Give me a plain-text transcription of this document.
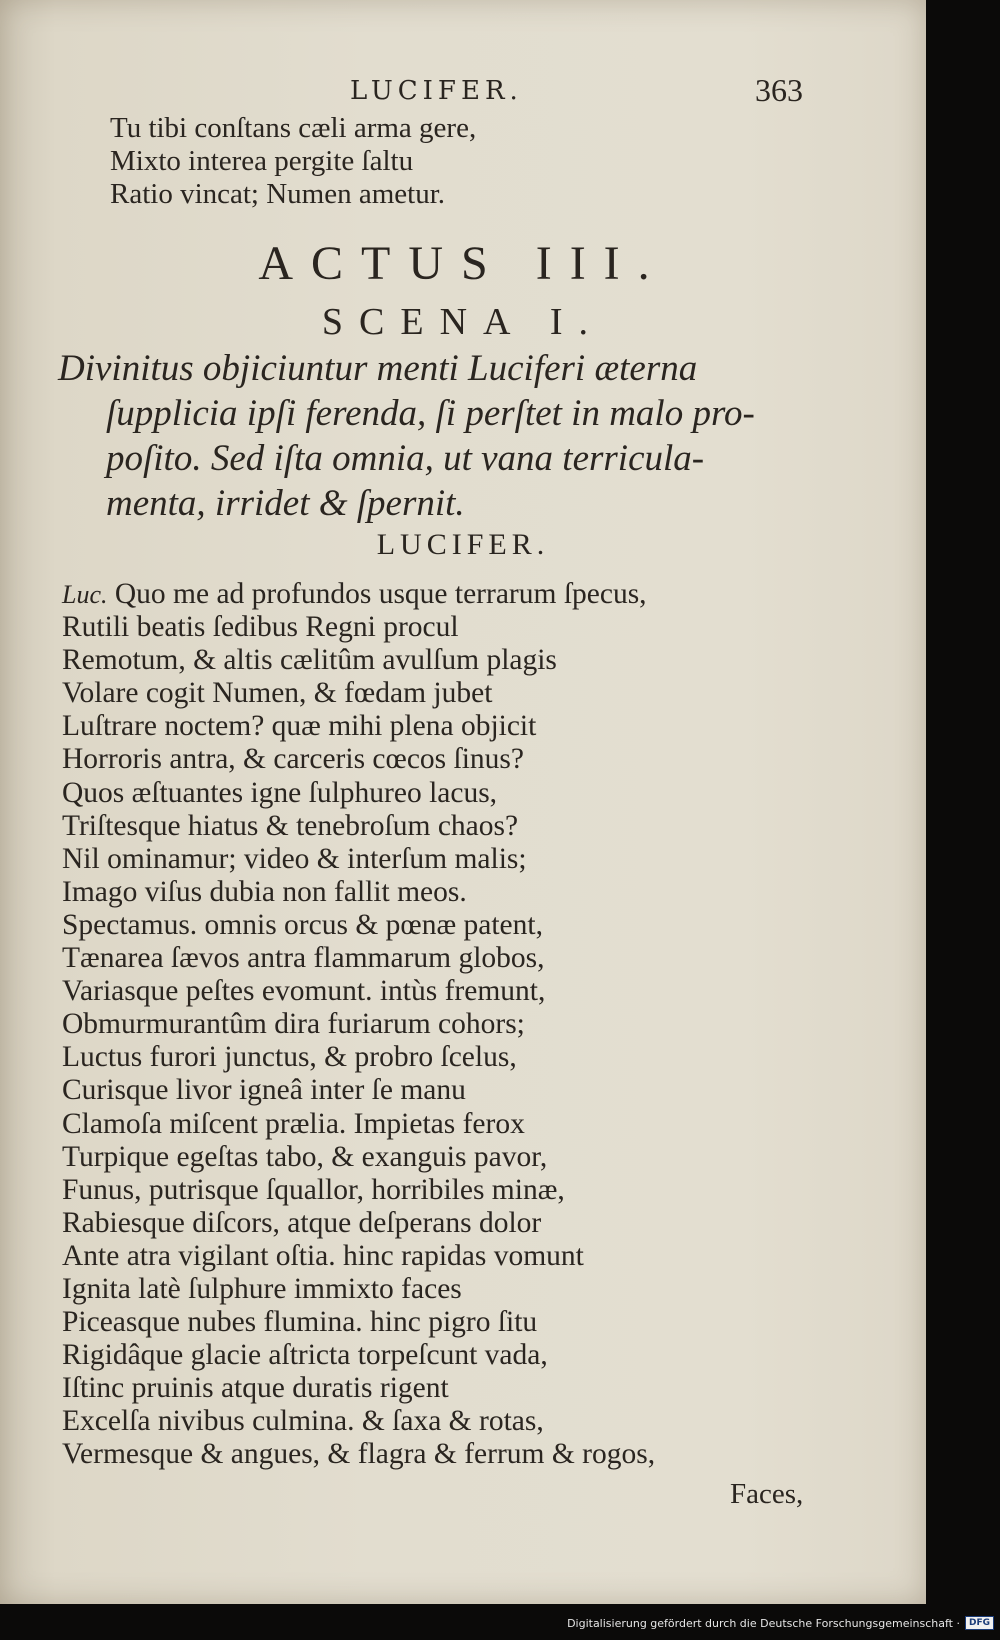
LUCIFER.	363
Tu tibi conſtans cæli arma gere,
Mixto interea pergite ſaltu
Ratio vincat; Numen ametur.
ACTUS III.
SCENA I.
Divinitus objiciuntur menti Luciferi æterna
ſupplicia ipſi ferenda, ſi perſtet in malo pro-
poſito. Sed iſta omnia, ut vana terricula-
menta, irridet & ſpernit.
LUCIFER.
Luc. Quo me ad profundos usque terrarum ſpecus,
Rutili beatis ſedibus Regni procul
Remotum, & altis cælitûm avulſum plagis
Volare cogit Numen, & fœdam jubet
Luſtrare noctem? quæ mihi plena objicit
Horroris antra, & carceris cœcos ſinus?
Quos æſtuantes igne ſulphureo lacus,
Triſtesque hiatus & tenebroſum chaos?
Nil ominamur; video & interſum malis;
Imago viſus dubia non fallit meos.
Spectamus. omnis orcus & pœnæ patent,
Tænarea ſævos antra flammarum globos,
Variasque peſtes evomunt. intùs fremunt,
Obmurmurantûm dira furiarum cohors;
Luctus furori junctus, & probro ſcelus,
Curisque livor igneâ inter ſe manu
Clamoſa miſcent prælia. Impietas ferox
Turpique egeſtas tabo, & exanguis pavor,
Funus, putrisque ſquallor, horribiles minæ,
Rabiesque diſcors, atque deſperans dolor
Ante atra vigilant oſtia. hinc rapidas vomunt
Ignita latè ſulphure immixto faces
Piceasque nubes flumina. hinc pigro ſitu
Rigidâque glacie aſtricta torpeſcunt vada,
Iſtinc pruinis atque duratis rigent
Excelſa nivibus culmina. & ſaxa & rotas,
Vermesque & angues, & flagra & ferrum & rogos,
Faces,
Digitalisierung gefördert durch die Deutsche Forschungsgemeinschaft ·	DFG
